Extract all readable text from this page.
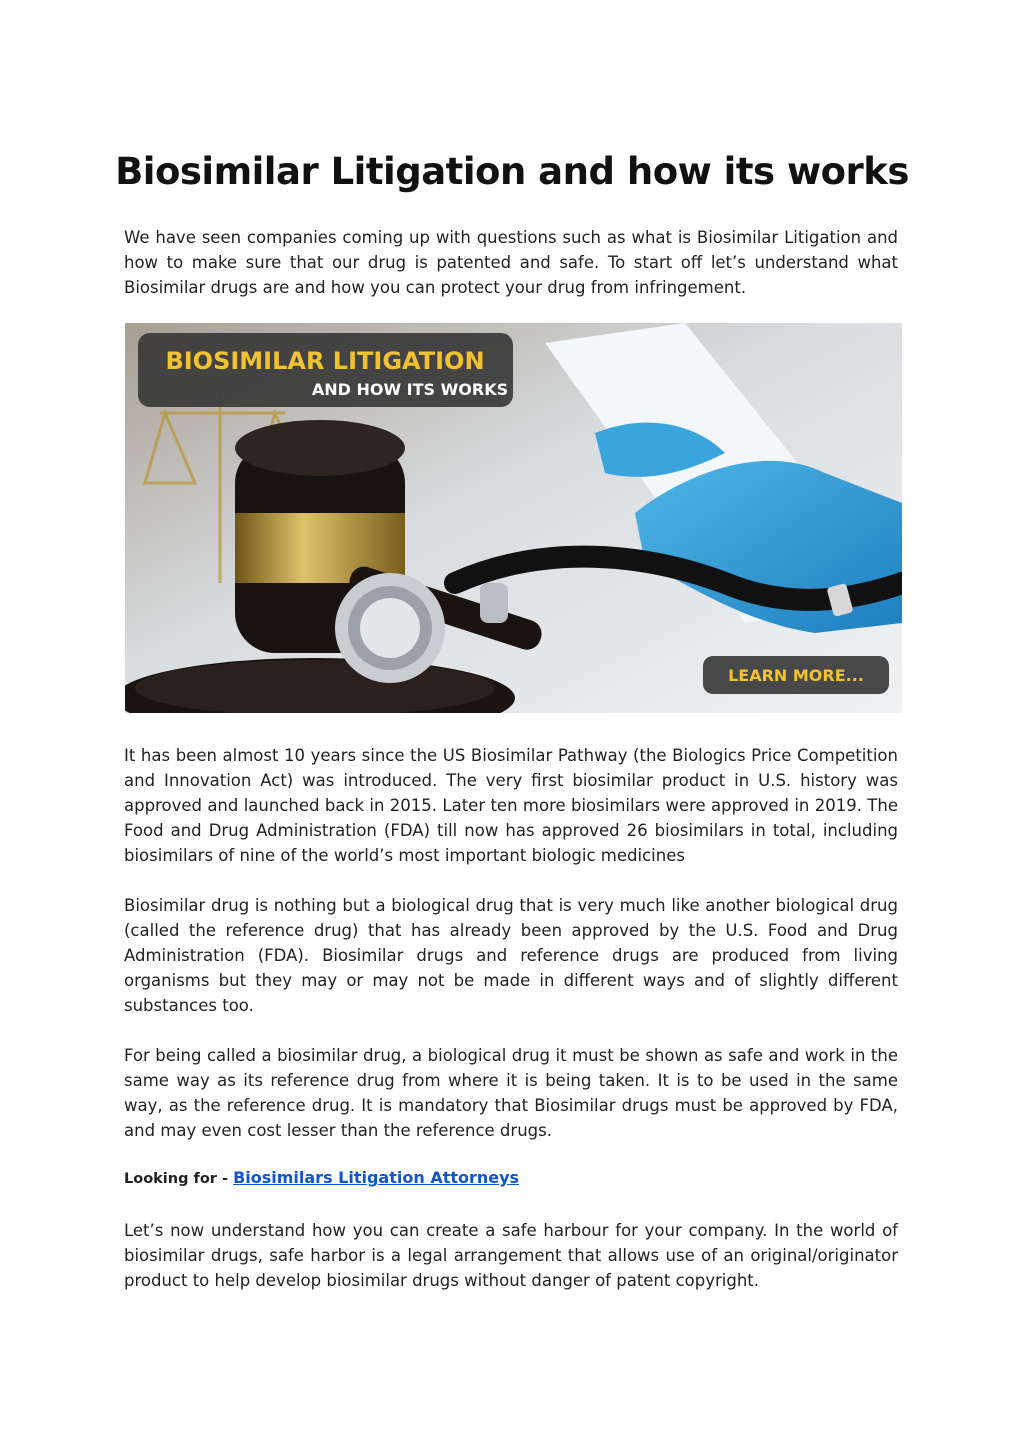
Biosimilar Litigation and how its works

We have seen companies coming up with questions such as what is Biosimilar Litigation and how to make sure that our drug is patented and safe. To start off let’s understand what Biosimilar drugs are and how you can protect your drug from infringement.

BIOSIMILAR LITIGATION
AND HOW ITS WORKS
LEARN MORE...

It has been almost 10 years since the US Biosimilar Pathway (the Biologics Price Competition and Innovation Act) was introduced. The very first biosimilar product in U.S. history was approved and launched back in 2015. Later ten more biosimilars were approved in 2019. The Food and Drug Administration (FDA) till now has approved 26 biosimilars in total, including biosimilars of nine of the world’s most important biologic medicines

Biosimilar drug is nothing but a biological drug that is very much like another biological drug (called the reference drug) that has already been approved by the U.S. Food and Drug Administration (FDA). Biosimilar drugs and reference drugs are produced from living organisms but they may or may not be made in different ways and of slightly different substances too.

For being called a biosimilar drug, a biological drug it must be shown as safe and work in the same way as its reference drug from where it is being taken. It is to be used in the same way, as the reference drug. It is mandatory that Biosimilar drugs must be approved by FDA, and may even cost lesser than the reference drugs.

Looking for - Biosimilars Litigation Attorneys

Let’s now understand how you can create a safe harbour for your company. In the world of biosimilar drugs, safe harbor is a legal arrangement that allows use of an original/originator product to help develop biosimilar drugs without danger of patent copyright.
